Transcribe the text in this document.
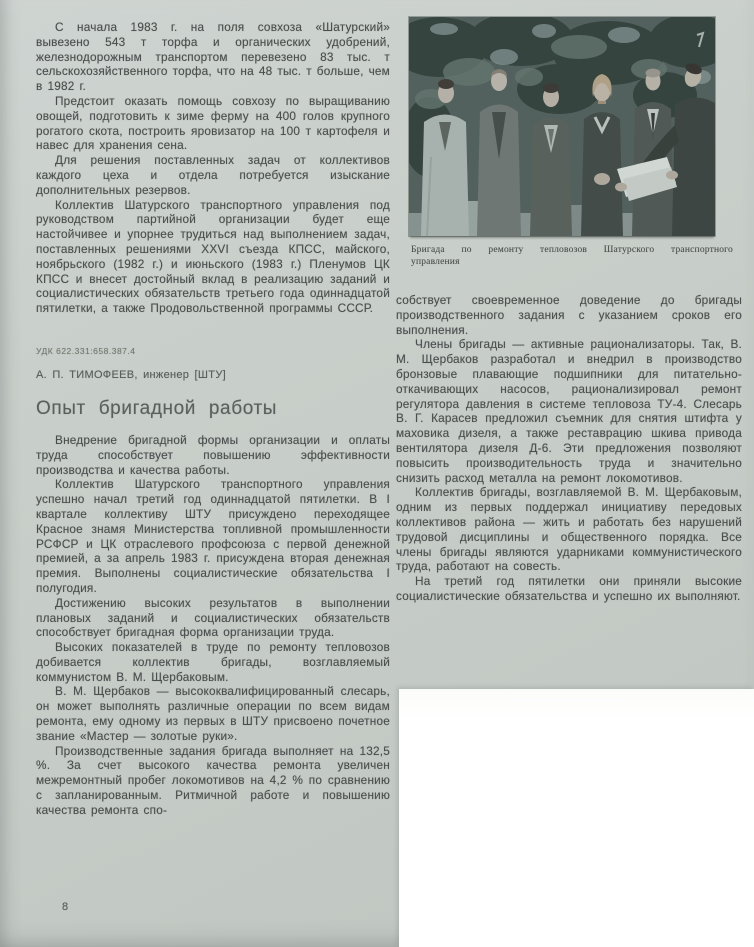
С начала 1983 г. на поля совхоза «Шатурский» вывезено 543 т торфа и органических удобрений, железнодорожным транспортом перевезено 83 тыс. т сельскохозяйственного торфа, что на 48 тыс. т больше, чем в 1982 г.

Предстоит оказать помощь совхозу по выращиванию овощей, подготовить к зиме ферму на 400 голов крупного рогатого скота, построить яровизатор на 100 т картофеля и навес для хранения сена.

Для решения поставленных задач от коллективов каждого цеха и отдела потребуется изыскание дополнительных резервов.

Коллектив Шатурского транспортного управления под руководством партийной организации будет еще настойчивее и упорнее трудиться над выполнением задач, поставленных решениями XXVI съезда КПСС, майского, ноябрьского (1982 г.) и июньского (1983 г.) Пленумов ЦК КПСС и внесет достойный вклад в реализацию заданий и социалистических обязательств третьего года одиннадцатой пятилетки, а также Продовольственной программы СССР.

УДК 622.331:658.387.4
А. П. ТИМОФЕЕВ, инженер [ШТУ]
Опыт бригадной работы

Внедрение бригадной формы организации и оплаты труда способствует повышению эффективности производства и качества работы.

Коллектив Шатурского транспортного управления успешно начал третий год одиннадцатой пятилетки. В I квартале коллективу ШТУ присуждено переходящее Красное знамя Министерства топливной промышленности РСФСР и ЦК отраслевого профсоюза с первой денежной премией, а за апрель 1983 г. присуждена вторая денежная премия. Выполнены социалистические обязательства I полугодия.

Достижению высоких результатов в выполнении плановых заданий и социалистических обязательств способствует бригадная форма организации труда.

Высоких показателей в труде по ремонту тепловозов добивается коллектив бригады, возглавляемый коммунистом В. М. Щербаковым.

В. М. Щербаков — высококвалифицированный слесарь, он может выполнять различные операции по всем видам ремонта, ему одному из первых в ШТУ присвоено почетное звание «Мастер — золотые руки».

Производственные задания бригада выполняет на 132,5 %. За счет высокого качества ремонта увеличен межремонтный пробег локомотивов на 4,2 % по сравнению с запланированным. Ритмичной работе и повышению качества ремонта спо-

Бригада по ремонту тепловозов Шатурского транспортного управления

собствует своевременное доведение до бригады производственного задания с указанием сроков его выполнения.

Члены бригады — активные рационализаторы. Так, В. М. Щербаков разработал и внедрил в производство бронзовые плавающие подшипники для питательно-откачивающих насосов, рационализировал ремонт регулятора давления в системе тепловоза ТУ-4. Слесарь В. Г. Карасев предложил съемник для снятия штифта у маховика дизеля, а также реставрацию шкива привода вентилятора дизеля Д-6. Эти предложения позволяют повысить производительность труда и значительно снизить расход металла на ремонт локомотивов.

Коллектив бригады, возглавляемой В. М. Щербаковым, одним из первых поддержал инициативу передовых коллективов района — жить и работать без нарушений трудовой дисциплины и общественного порядка. Все члены бригады являются ударниками коммунистического труда, работают на совесть.

На третий год пятилетки они приняли высокие социалистические обязательства и успешно их выполняют.

8
